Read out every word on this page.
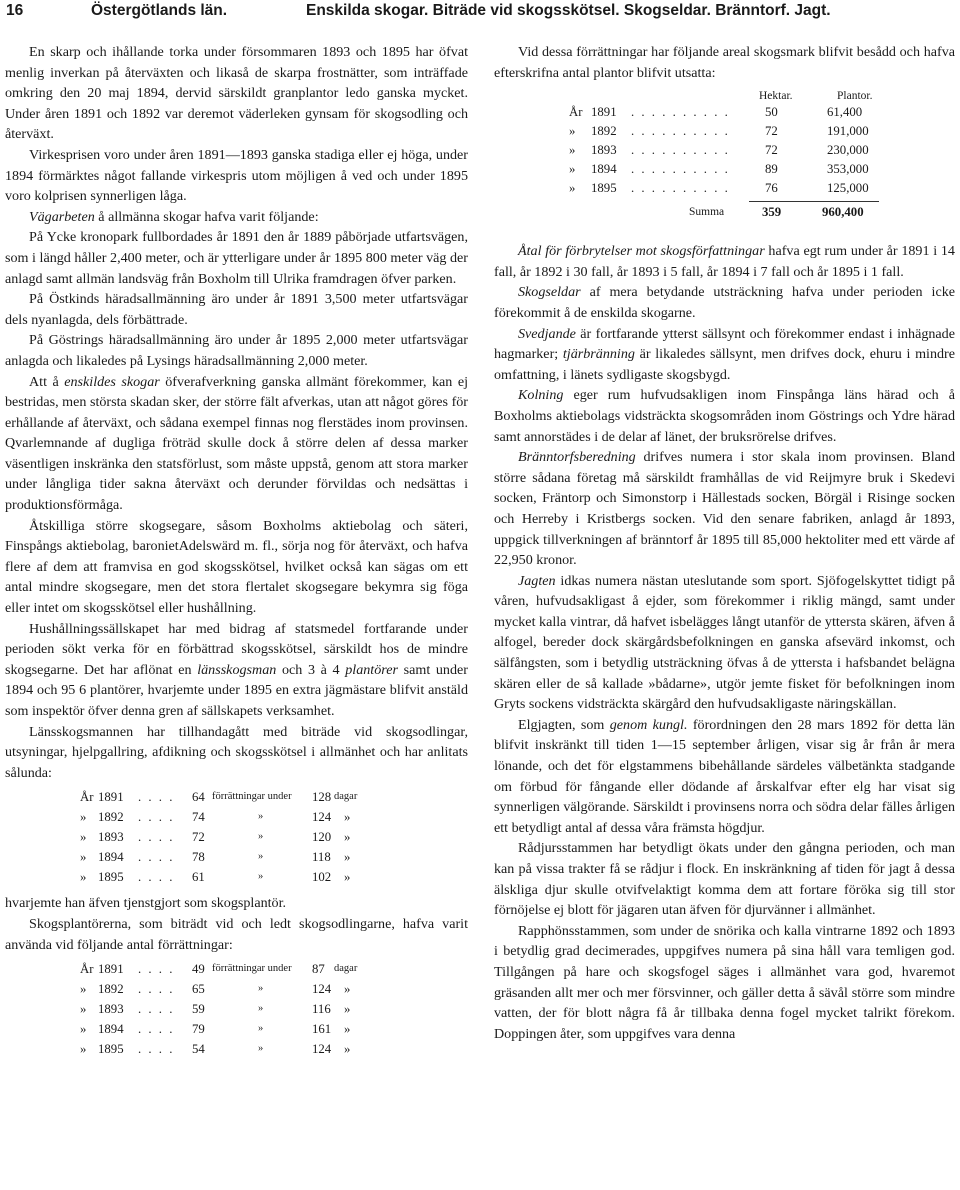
16	Östergötlands län.	Enskilda skogar. Biträde vid skogsskötsel. Skogseldar. Bränntorf. Jagt.

En skarp och ihållande torka under försommaren 1893 och 1895 har öfvat menlig inverkan på återväxten och likaså de skarpa frostnätter, som inträffade omkring den 20 maj 1894, dervid särskildt granplantor ledo ganska mycket. Under åren 1891 och 1892 var deremot väderleken gynsam för skogsodling och återväxt.

Virkesprisen voro under åren 1891—1893 ganska stadiga eller ej höga, under 1894 förmärktes något fallande virkespris utom möjligen å ved och under 1895 voro kolprisen synnerligen låga.

Vägarbeten å allmänna skogar hafva varit följande:

På Ycke kronopark fullbordades år 1891 den år 1889 påbörjade utfartsvägen, som i längd håller 2,400 meter, och är ytterligare under år 1895 800 meter väg der anlagd samt allmän landsväg från Boxholm till Ulrika framdragen öfver parken.

På Östkinds häradsallmänning äro under år 1891 3,500 meter utfartsvägar dels nyanlagda, dels förbättrade.

På Göstrings häradsallmänning äro under år 1895 2,000 meter utfartsvägar anlagda och likaledes på Lysings häradsallmänning 2,000 meter.

Att å enskildes skogar öfverafverkning ganska allmänt förekommer, kan ej bestridas, men största skadan sker, der större fält afverkas, utan att något göres för erhållande af återväxt, och sådana exempel finnas nog flerstädes inom provinsen. Qvarlemnande af dugliga fröträd skulle dock å större delen af dessa marker väsentligen inskränka den statsförlust, som måste uppstå, genom att stora marker under långliga tider sakna återväxt och derunder förvildas och nedsättas i produktionsförmåga.

Åtskilliga större skogsegare, såsom Boxholms aktiebolag och säteri, Finspångs aktiebolag, baronietAdelswärd m. fl., sörja nog för återväxt, och hafva flere af dem att framvisa en god skogsskötsel, hvilket också kan sägas om ett antal mindre skogsegare, men det stora flertalet skogsegare bekymra sig föga eller intet om skogsskötsel eller hushållning.

Hushållningssällskapet har med bidrag af statsmedel fortfarande under perioden sökt verka för en förbättrad skogsskötsel, särskildt hos de mindre skogsegarne. Det har aflönat en länsskogsman och 3 à 4 plantörer samt under 1894 och 95 6 plantörer, hvarjemte under 1895 en extra jägmästare blifvit anstäld som inspektör öfver denna gren af sällskapets verksamhet.

Länsskogsmannen har tillhandagått med biträde vid skogsodlingar, utsyningar, hjelpgallring, afdikning och skogsskötsel i allmänhet och har anlitats sålunda:

År 1891 . . . . 64 förrättningar under 128 dagar
» 1892 . . . . 74	»	124 »
» 1893 . . . . 72	»	120 »
» 1894 . . . . 78	»	118 »
» 1895 . . . . 61	»	102 »

hvarjemte han äfven tjenstgjort som skogsplantör.

Skogsplantörerna, som biträdt vid och ledt skogsodlingarne, hafva varit använda vid följande antal förrättningar:

År 1891 . . . . 49 förrättningar under 87 dagar
» 1892 . . . . 65	»	124 »
» 1893 . . . . 59	»	116 »
» 1894 . . . . 79	»	161 »
» 1895 . . . . 54	»	124 »

Vid dessa förrättningar har följande areal skogsmark blifvit besådd och hafva efterskrifna antal plantor blifvit utsatta:

Hektar.	Plantor.
År 1891 . . . . . . . . . .	50	61,400
» 1892 . . . . . . . . . .	72	191,000
» 1893 . . . . . . . . . .	72	230,000
» 1894 . . . . . . . . . .	89	353,000
» 1895 . . . . . . . . . .	76	125,000
Summa	359	960,400

Åtal för förbrytelser mot skogsförfattningar hafva egt rum under år 1891 i 14 fall, år 1892 i 30 fall, år 1893 i 5 fall, år 1894 i 7 fall och år 1895 i 1 fall.

Skogseldar af mera betydande utsträckning hafva under perioden icke förekommit å de enskilda skogarne.

Svedjande är fortfarande ytterst sällsynt och förekommer endast i inhägnade hagmarker; tjärbränning är likaledes sällsynt, men drifves dock, ehuru i mindre omfattning, i länets sydligaste skogsbygd.

Kolning eger rum hufvudsakligen inom Finspånga läns härad och å Boxholms aktiebolags vidsträckta skogsområden inom Göstrings och Ydre härad samt annorstädes i de delar af länet, der bruksrörelse drifves.

Bränntorfsberedning drifves numera i stor skala inom provinsen. Bland större sådana företag må särskildt framhållas de vid Reijmyre bruk i Skedevi socken, Fräntorp och Simonstorp i Hällestads socken, Börgäl i Risinge socken och Herreby i Kristbergs socken. Vid den senare fabriken, anlagd år 1893, uppgick tillverkningen af bränntorf år 1895 till 85,000 hektoliter med ett värde af 22,950 kronor.

Jagten idkas numera nästan uteslutande som sport. Sjöfogelskyttet tidigt på våren, hufvudsakligast å ejder, som förekommer i riklig mängd, samt under mycket kalla vintrar, då hafvet isbelägges långt utanför de yttersta skären, äfven å alfogel, bereder dock skärgårdsbefolkningen en ganska afsevärd inkomst, och sälfångsten, som i betydlig utsträckning öfvas å de yttersta i hafsbandet belägna skären eller de så kallade »bådarne», utgör jemte fisket för befolkningen inom Gryts sockens vidsträckta skärgård den hufvudsakligaste näringskällan.

Elgjagten, som genom kungl. förordningen den 28 mars 1892 för detta län blifvit inskränkt till tiden 1—15 september årligen, visar sig år från år mera lönande, och det för elgstammens bibehållande särdeles välbetänkta stadgande om förbud för fångande eller dödande af årskalfvar efter elg har visat sig synnerligen välgörande. Särskildt i provinsens norra och södra delar fälles årligen ett betydligt antal af dessa våra främsta högdjur.

Rådjursstammen har betydligt ökats under den gångna perioden, och man kan på vissa trakter få se rådjur i flock. En inskränkning af tiden för jagt å dessa älskliga djur skulle otvifvelaktigt komma dem att fortare föröka sig till stor förnöjelse ej blott för jägaren utan äfven för djurvänner i allmänhet.

Rapphönsstammen, som under de snörika och kalla vintrarne 1892 och 1893 i betydlig grad decimerades, uppgifves numera på sina håll vara temligen god. Tillgången på hare och skogsfogel säges i allmänhet vara god, hvaremot gräsanden allt mer och mer försvinner, och gäller detta å sävål större som mindre vatten, der för blott några få år tillbaka denna fogel mycket talrikt förekom. Doppingen åter, som uppgifves vara denna
